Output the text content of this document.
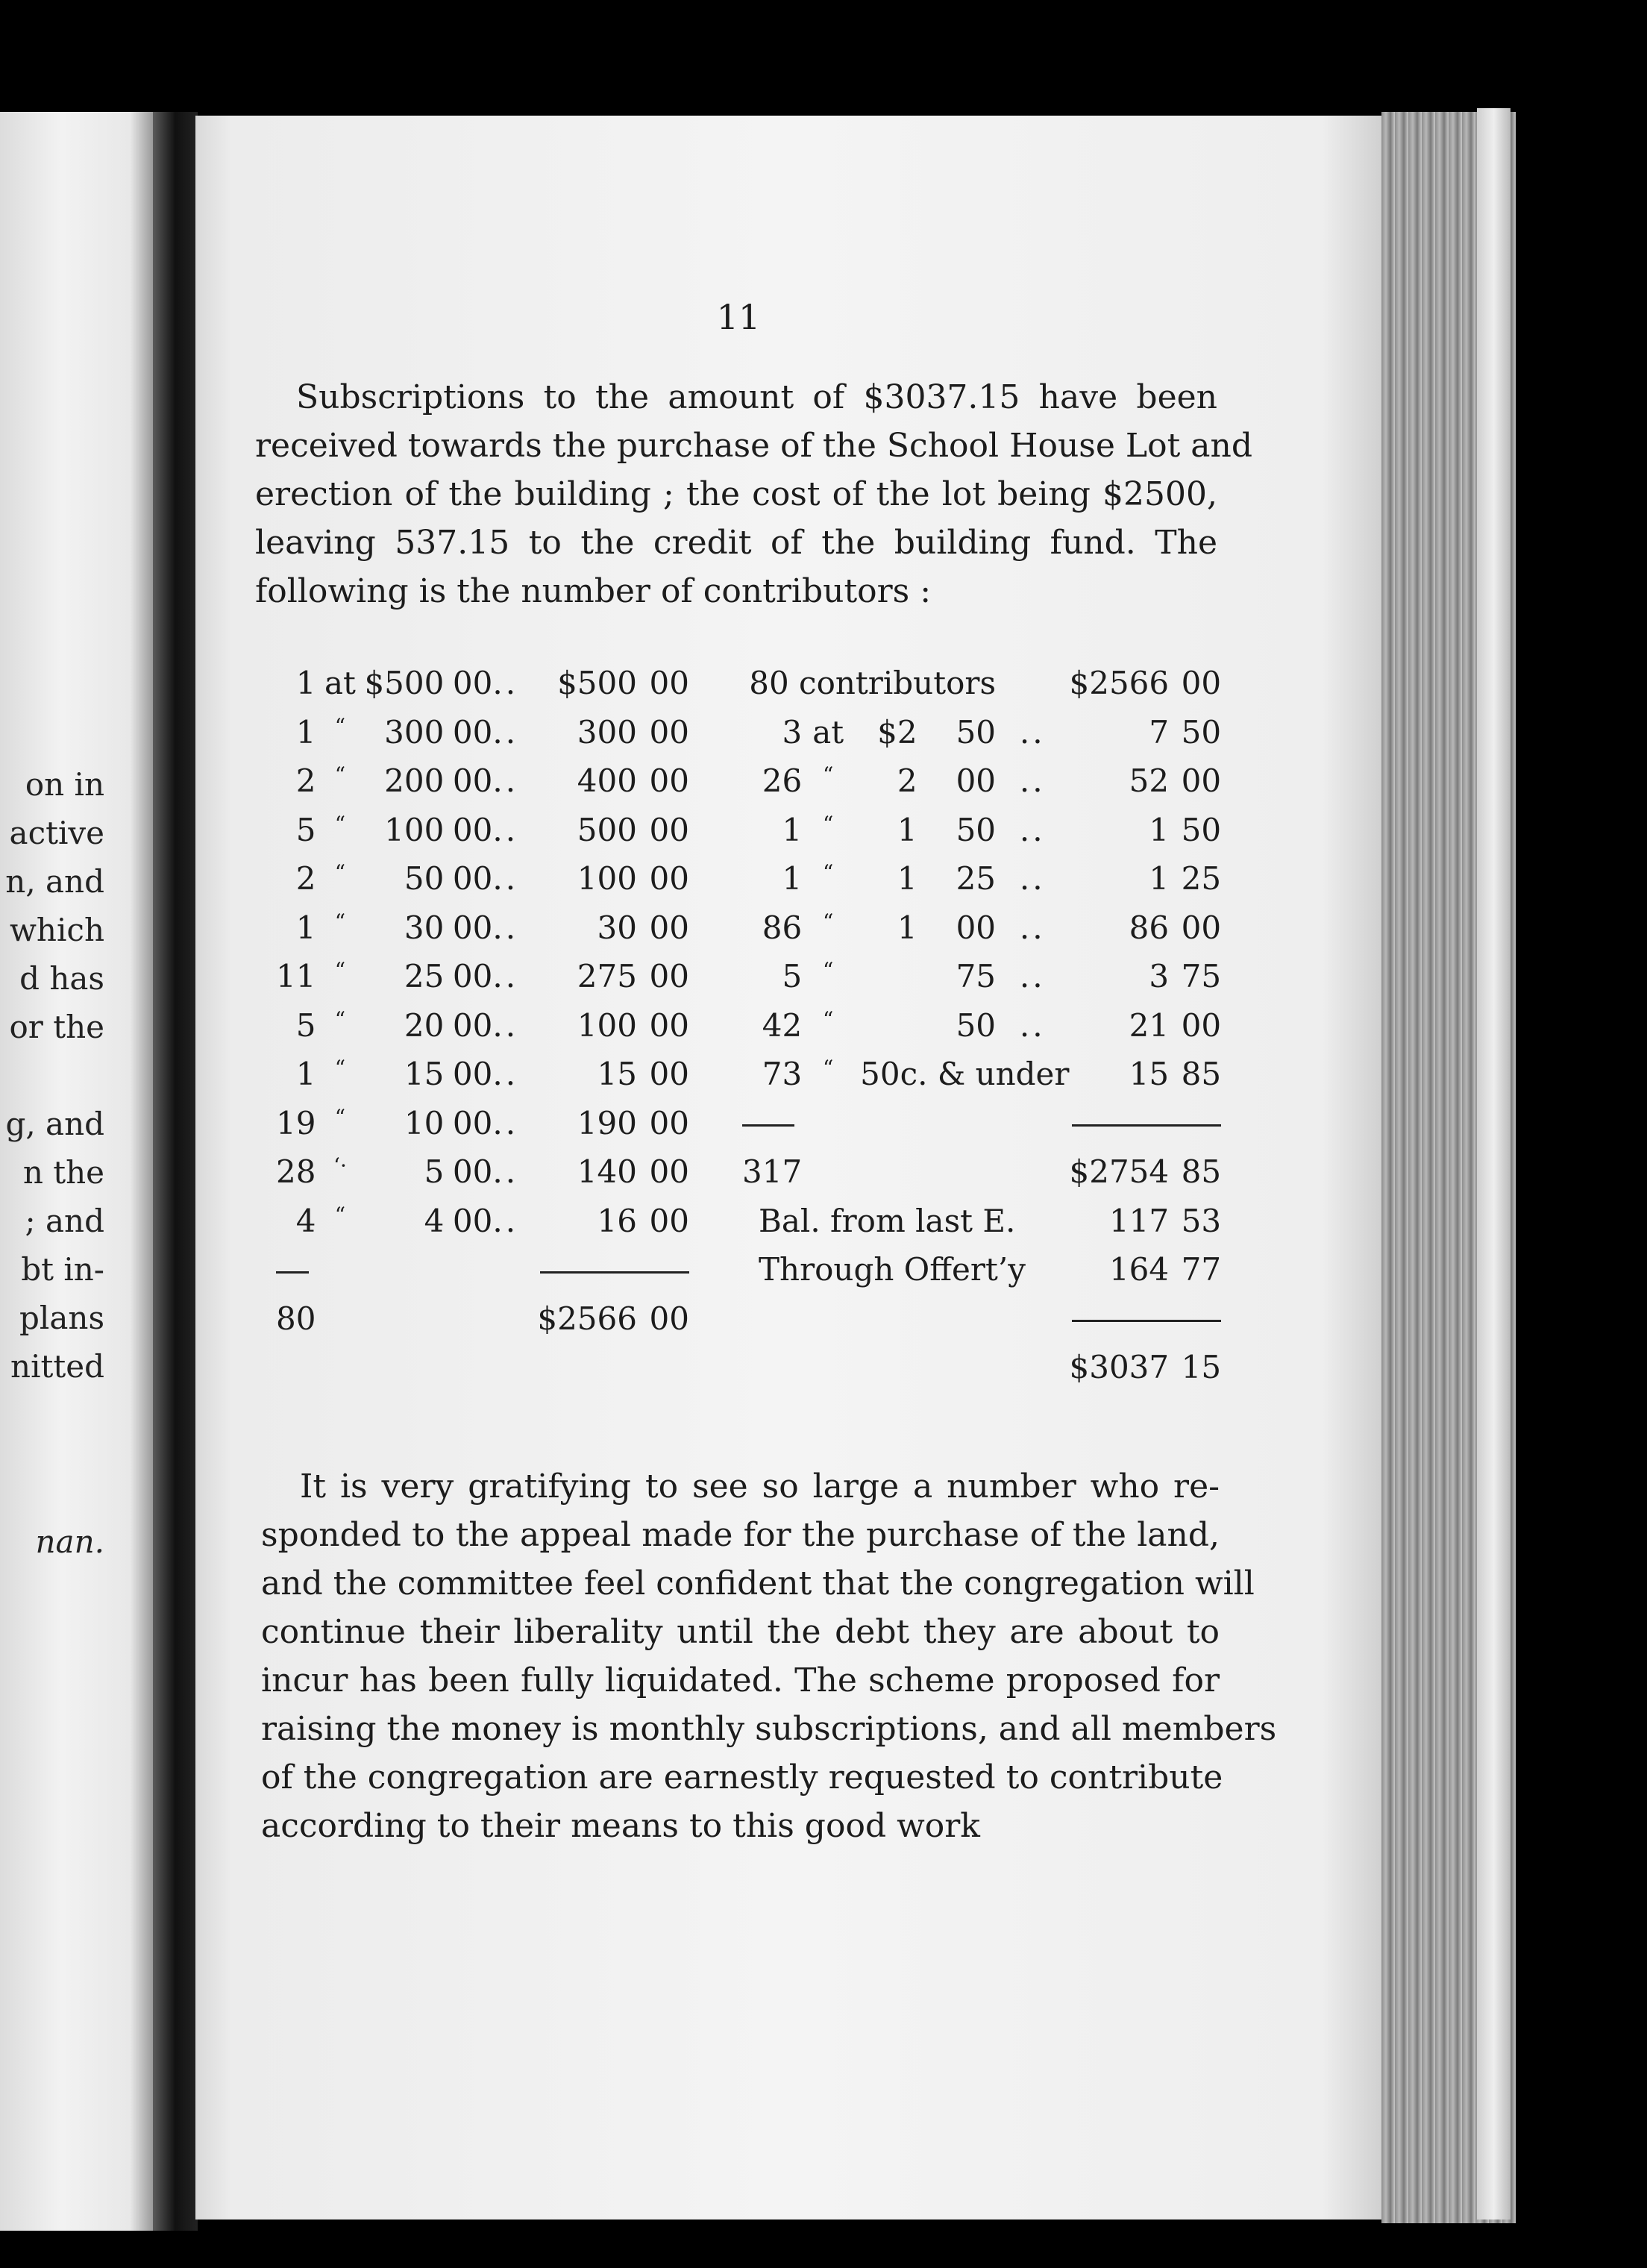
on in
active
n, and
which
d has
or the
g, and
n the
; and
bt in-
plans
nitted
nan.
11

Subscriptions to the amount of $3037.15 have been
received towards the purchase of the School House Lot and
erection of the building ; the cost of the lot being $2500,
leaving 537.15 to the credit of the building fund. The
following is the number of contributors :

1	at	$500	00	..	$500	00
1	“	300	00	..	300	00
2	“	200	00	..	400	00
5	“	100	00	..	500	00
2	“	50	00	..	100	00
1	“	30	00	..	30	00
11	“	25	00	..	275	00
5	“	20	00	..	100	00
1	“	15	00	..	15	00
19	“	10	00	..	190	00
28	‘·	5	00	..	140	00
4	“	4	00	..	16	00

80					$2566	00
80 contributors					$2566	00
3	at	$2	50	..	7	50
26	“	2	00	..	52	00
1	“	1	50	..	1	50
1	“	1	25	..	1	25
86	“	1	00	..	86	00
5	“		75	..	3	75
42	“		50	..	21	00
73	“	50c. & under			15	85

317					$2754	85
Bal. from last E.					117	53
Through Offert’y					164	77

					$3037	15

It is very gratifying to see so large a number who re-
sponded to the appeal made for the purchase of the land,
and the committee feel confident that the congregation will
continue their liberality until the debt they are about to
incur has been fully liquidated. The scheme proposed for
raising the money is monthly subscriptions, and all members
of the congregation are earnestly requested to contribute
according to their means to this good work
